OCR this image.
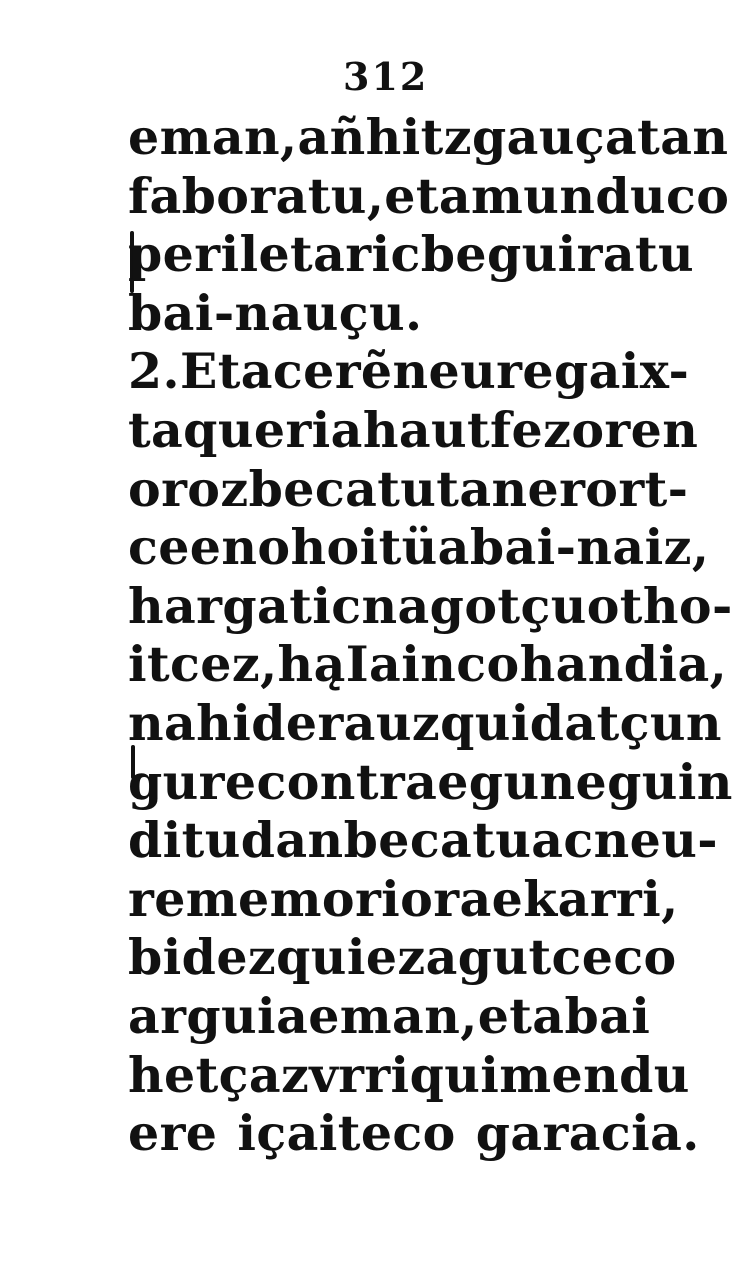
312
eman, añhitz gauçatan
faboratu , eta munduco
periletaric beguiratu
bai-nauçu.
2. Eta cerẽ neure gaix-
taqueria hautfez oren
oroz becatutan erort-
ceen ohoitüa bai-naiz,
hargatic nagotçu otho-
itcez,hą Iainco handia,
nahi derauzquidatçun
gure contra egun eguin
ditudan becatuac neu-
re memoriora ekarri,
bidezqui ezagutceco
arguia eman , eta bai
hetçaz vrriquimendu
ere içaiteco garacia.
